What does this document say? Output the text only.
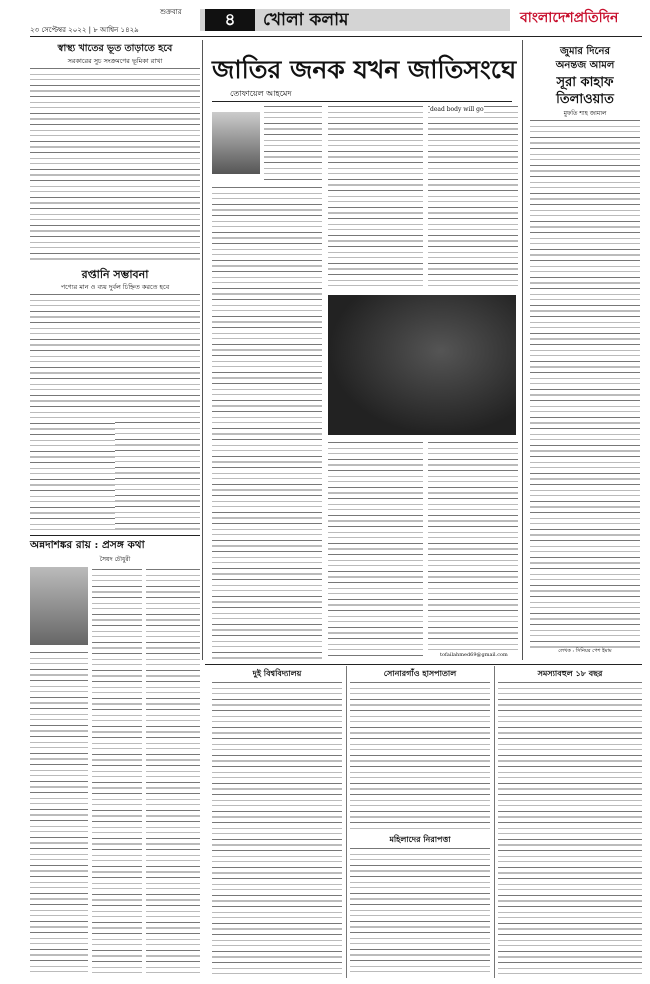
২৩ সেপ্টেম্বর ২০২২ | ৮ আশ্বিন ১৪২৯
শুক্রবার	৪	খোলা কলাম	বাংলাদেশপ্রতিদিন
স্বাস্থ্য খাতের ভূত তাড়াতে হবে
সরকারের সুচ সংক্রমণের ভূমিকা রাখা
রপ্তানি সম্ভাবনা
পণ্যের মান ও ব্যয় দুর্বল চিহ্নিত করতে হবে
অন্নদাশঙ্কর রায় : প্রসঙ্গ কথা
সৈয়দ চৌধুরী
জাতির জনক যখন জাতিসংঘে
তোফায়েল আহমেদ
dead body will go
tofailahmed69@gmail.com
জুমার দিনের
অনন্তজ আমল
সূরা কাহাফ
তিলাওয়াত
মুফতি শাহ জামাল
লেখক : সিনিয়র পেশ ইমাম
দুই বিশ্ববিদ্যালয়	সোনারগাঁও হাসপাতাল
মহিলাদের নিরাপত্তা
সমস্যাবহুল ১৮ বছর
